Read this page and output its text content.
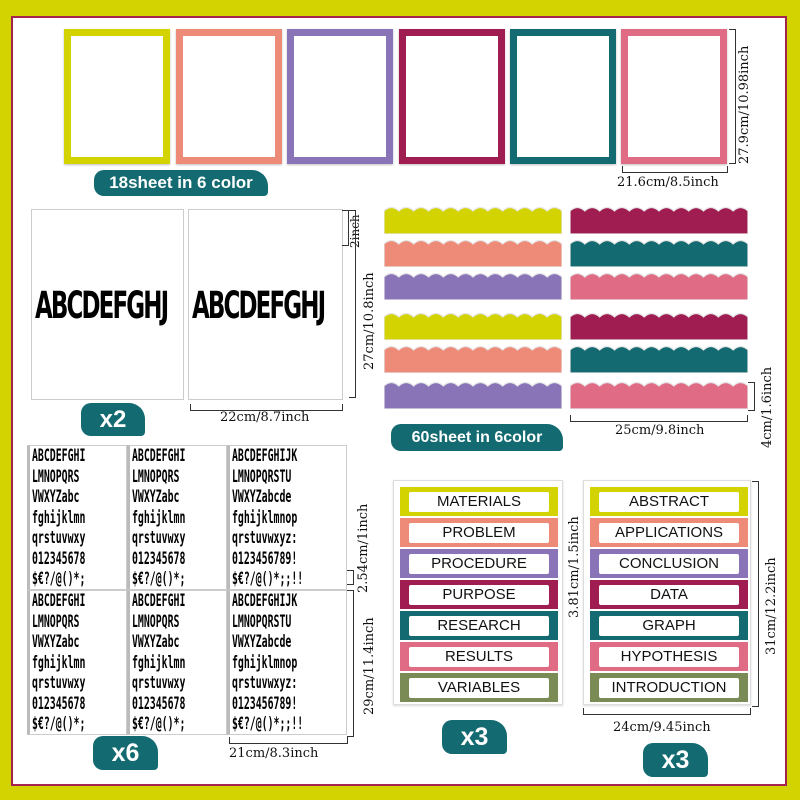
18sheet in 6 color	21.6cm/8.5inch
27.9cm/10.98inch

ABCDEFGHJ

ABCDEFGHJ

x2
2inch
27cm/10.8inch
22cm/8.7inch
60sheet in 6color	25cm/9.8inch	4cm/1.6inch
ABCDEFGHI
LMNOPQRS
VWXYZabc
fghijklmn
qrstuvwxy
012345678
$€?/@()*;
ABCDEFGHI
LMNOPQRS
VWXYZabc
fghijklmn
qrstuvwxy
012345678
$€?/@()*;
ABCDEFGHIJK
LMNOPQRSTU
VWXYZabcde
fghijklmnop
qrstuvwxyz:
0123456789!
$€?/@()*;;!!
ABCDEFGHI
LMNOPQRS
VWXYZabc
fghijklmn
qrstuvwxy
012345678
$€?/@()*;
ABCDEFGHI
LMNOPQRS
VWXYZabc
fghijklmn
qrstuvwxy
012345678
$€?/@()*;
ABCDEFGHIJK
LMNOPQRSTU
VWXYZabcde
fghijklmnop
qrstuvwxyz:
0123456789!
$€?/@()*;;!!
x6
2.54cm/1inch
29cm/11.4inch
21cm/8.3inch
MATERIALS
PROBLEM
PROCEDURE
PURPOSE
RESEARCH
RESULTS
VARIABLES
x3
ABSTRACT
APPLICATIONS
CONCLUSION
DATA
GRAPH
HYPOTHESIS
INTRODUCTION
3.81cm/1.5inch	31cm/12.2inch
24cm/9.45inch
x3
